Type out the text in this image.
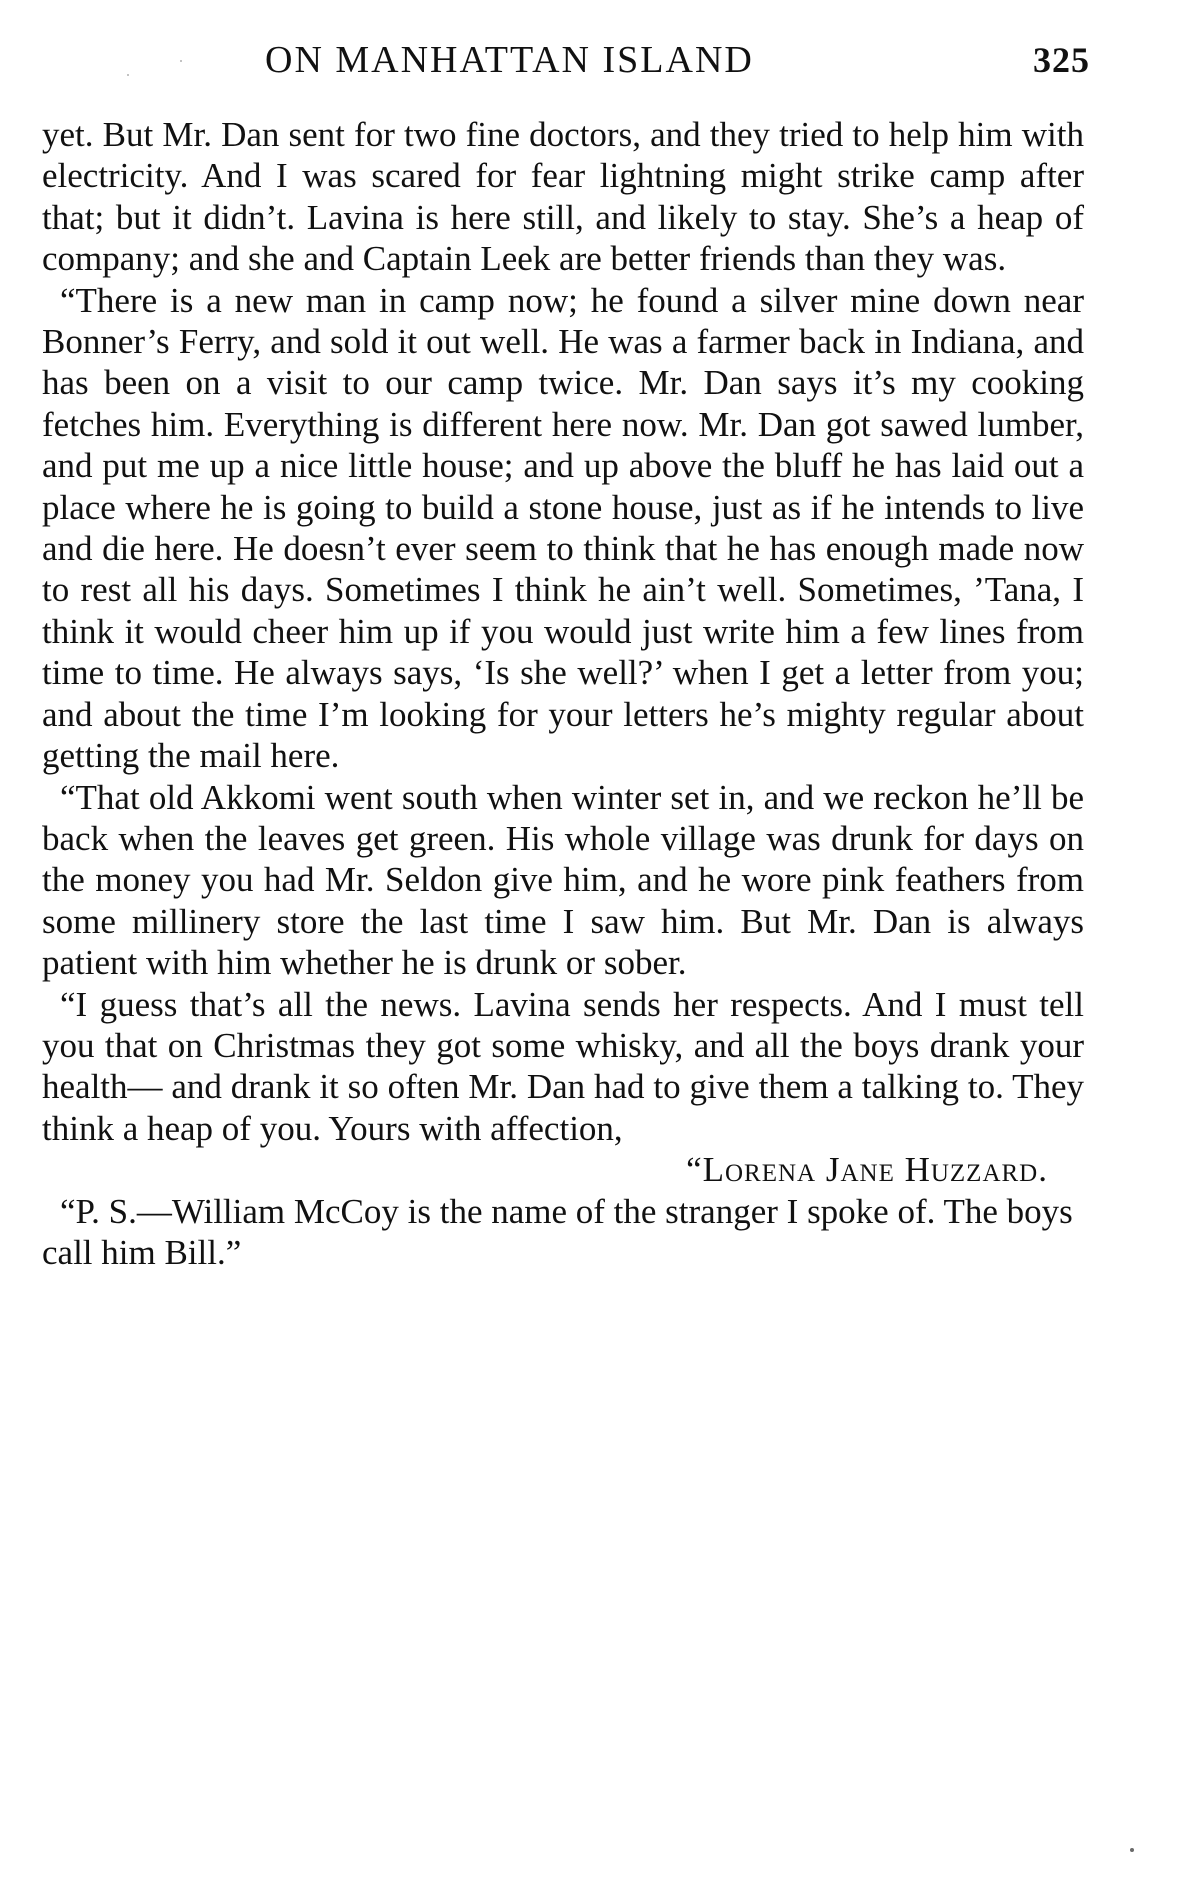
ON MANHATTAN ISLAND	325

yet. But Mr. Dan sent for two fine doctors, and they tried to help him with electricity. And I was scared for fear lightning might strike camp after that; but it didn’t. Lavina is here still, and likely to stay. She’s a heap of company; and she and Captain Leek are better friends than they was.

“There is a new man in camp now; he found a silver mine down near Bonner’s Ferry, and sold it out well. He was a farmer back in Indiana, and has been on a visit to our camp twice. Mr. Dan says it’s my cooking fetches him. Everything is different here now. Mr. Dan got sawed lumber, and put me up a nice little house; and up above the bluff he has laid out a place where he is going to build a stone house, just as if he intends to live and die here. He doesn’t ever seem to think that he has enough made now to rest all his days. Sometimes I think he ain’t well. Sometimes, ’Tana, I think it would cheer him up if you would just write him a few lines from time to time. He always says, ‘Is she well?’ when I get a letter from you; and about the time I’m looking for your letters he’s mighty regular about getting the mail here.

“That old Akkomi went south when winter set in, and we reckon he’ll be back when the leaves get green. His whole village was drunk for days on the money you had Mr. Seldon give him, and he wore pink feathers from some millinery store the last time I saw him. But Mr. Dan is always patient with him whether he is drunk or sober.

“I guess that’s all the news. Lavina sends her respects. And I must tell you that on Christmas they got some whisky, and all the boys drank your health— and drank it so often Mr. Dan had to give them a talking to. They think a heap of you. Yours with affection,

“Lorena Jane Huzzard.

“P. S.—William McCoy is the name of the stranger I spoke of. The boys call him Bill.”
